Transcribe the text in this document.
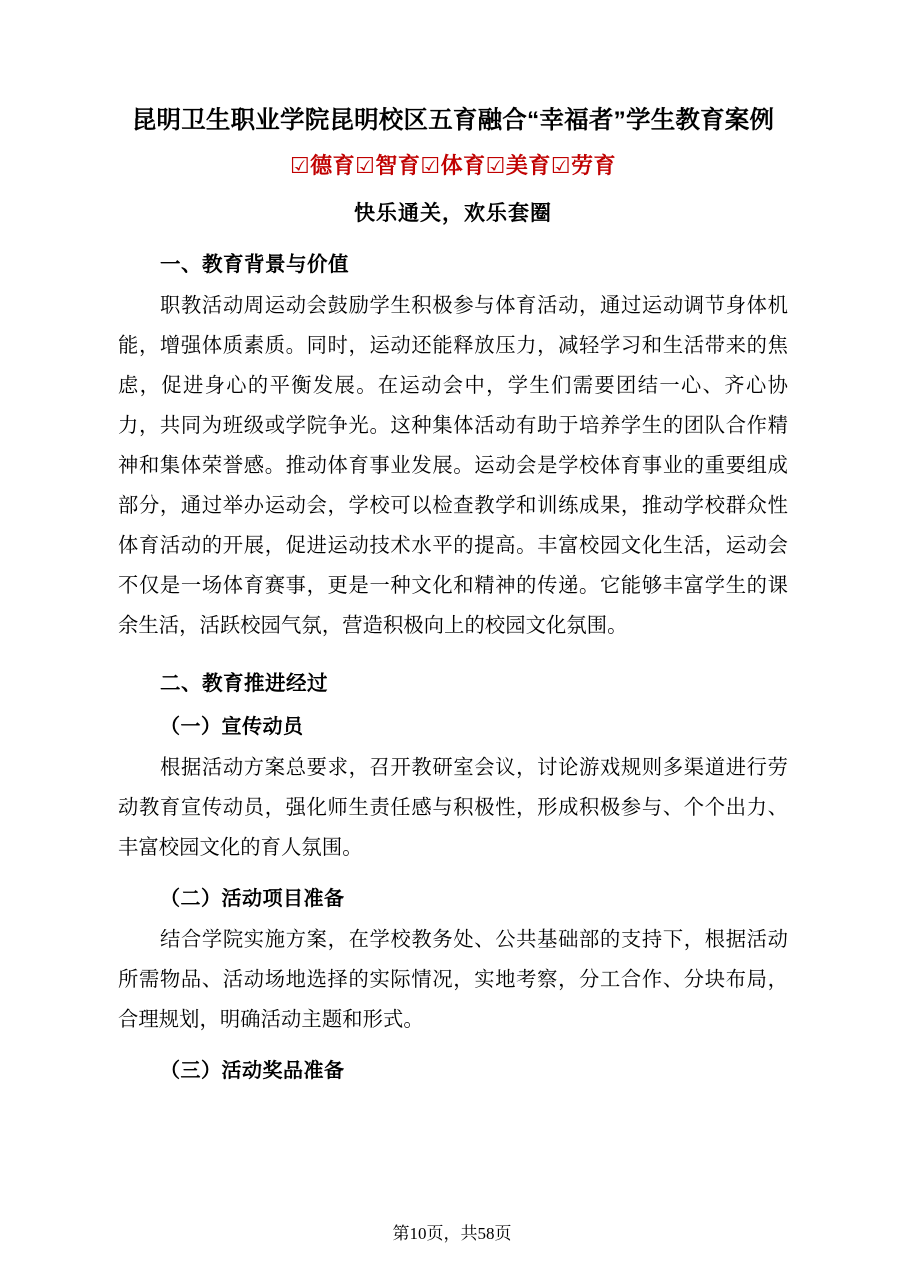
昆明卫生职业学院昆明校区五育融合“幸福者”学生教育案例
☑德育☑智育☑体育☑美育☑劳育
快乐通关，欢乐套圈
一、教育背景与价值

职教活动周运动会鼓励学生积极参与体育活动，通过运动调节身体机能，增强体质素质。同时，运动还能释放压力，减轻学习和生活带来的焦虑，促进身心的平衡发展。在运动会中，学生们需要团结一心、齐心协力，共同为班级或学院争光。这种集体活动有助于培养学生的团队合作精神和集体荣誉感。推动体育事业发展。运动会是学校体育事业的重要组成部分，通过举办运动会，学校可以检查教学和训练成果，推动学校群众性体育活动的开展，促进运动技术水平的提高。丰富校园文化生活，运动会不仅是一场体育赛事，更是一种文化和精神的传递。它能够丰富学生的课余生活，活跃校园气氛，营造积极向上的校园文化氛围。

二、教育推进经过
（一）宣传动员

根据活动方案总要求，召开教研室会议，讨论游戏规则多渠道进行劳动教育宣传动员，强化师生责任感与积极性，形成积极参与、个个出力、丰富校园文化的育人氛围。

（二）活动项目准备

结合学院实施方案，在学校教务处、公共基础部的支持下，根据活动所需物品、活动场地选择的实际情况，实地考察，分工合作、分块布局，合理规划，明确活动主题和形式。

（三）活动奖品准备
第10页，共58页
